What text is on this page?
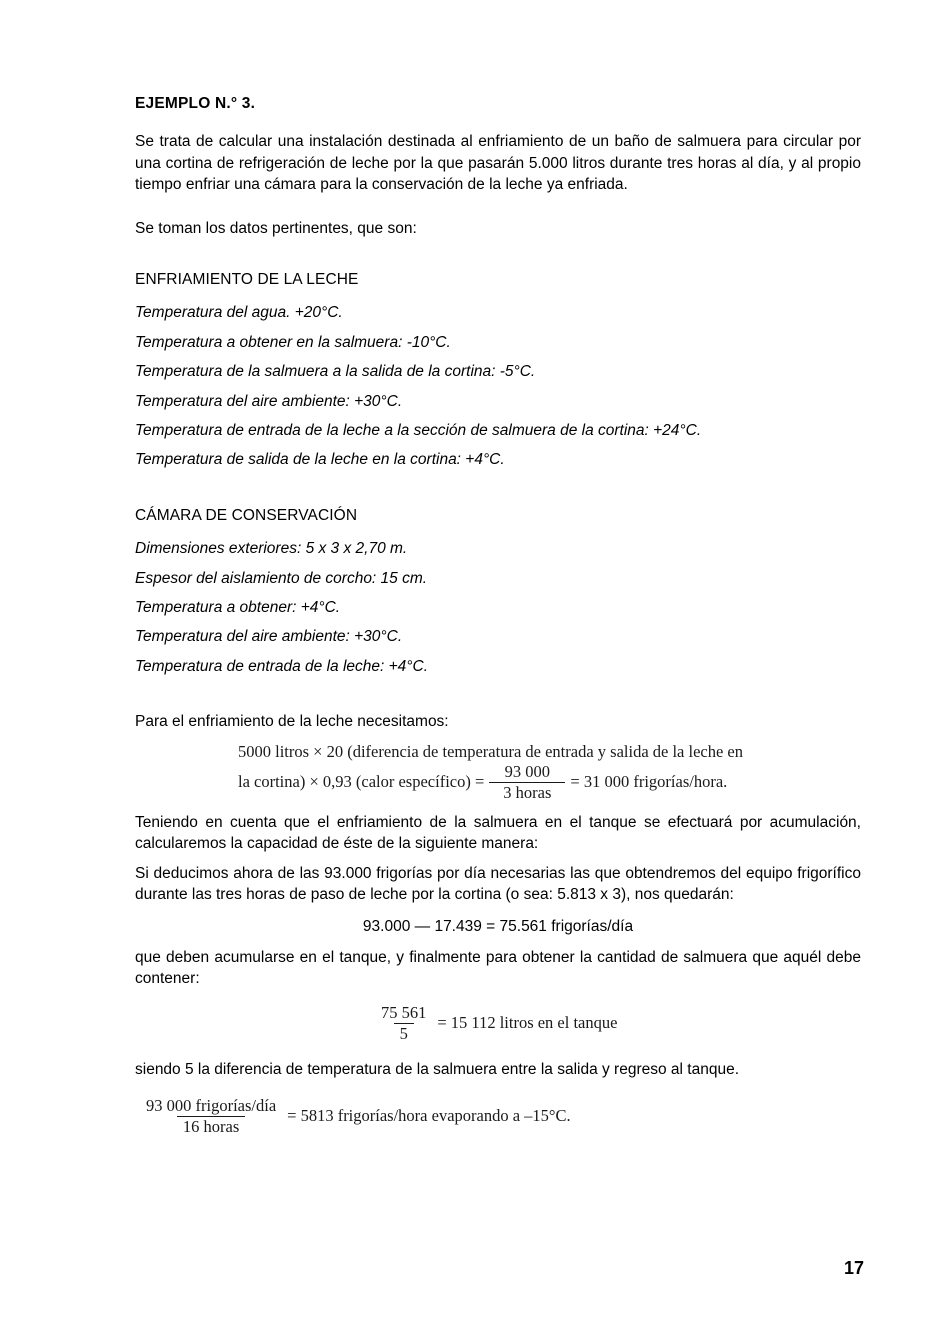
EJEMPLO N.° 3.

Se trata de calcular una instalación destinada al enfriamiento de un baño de salmuera para circular por una cortina de refrigeración de leche por la que pasarán 5.000 litros durante tres horas al día, y al propio tiempo enfriar una cámara para la conservación de la leche ya enfriada.

Se toman los datos pertinentes, que son:

ENFRIAMIENTO DE LA LECHE
Temperatura del agua. +20°C.
Temperatura a obtener en la salmuera: -10°C.
Temperatura de la salmuera a la salida de la cortina: -5°C.
Temperatura del aire ambiente: +30°C.
Temperatura de entrada de la leche a la sección de salmuera de la cortina: +24°C.
Temperatura de salida de la leche en la cortina: +4°C.
CÁMARA DE CONSERVACIÓN
Dimensiones exteriores: 5 x 3 x 2,70 m.
Espesor del aislamiento de corcho: 15 cm.
Temperatura a obtener: +4°C.
Temperatura del aire ambiente: +30°C.
Temperatura de entrada de la leche: +4°C.

Para el enfriamiento de la leche necesitamos:

5000 litros × 20 (diferencia de temperatura de entrada y salida de la leche en
la cortina) × 0,93 (calor específico) = $\frac{93 000}{\text{3 horas}} = 31$ 000 frigorías/hora.

Teniendo en cuenta que el enfriamiento de la salmuera en el tanque se efectuará por acumulación, calcularemos la capacidad de éste de la siguiente manera:

Si deducimos ahora de las 93.000 frigorías por día necesarias las que obtendremos del equipo frigorífico durante las tres horas de paso de leche por la cortina (o sea: 5.813 x 3), nos quedarán:

93.000 — 17.439 = 75.561 frigorías/día

que deben acumularse en el tanque, y finalmente para obtener la cantidad de salmuera que aquél debe contener:

$\frac{75 561}{5} = 15$ 112 litros en el tanque

siendo 5 la diferencia de temperatura de la salmuera entre la salida y regreso al tanque.

$\frac{\text{93 000 frigorías/día}}{\text{16 horas}} = 5813$ frigorías/hora evaporando a –15°C.
17
